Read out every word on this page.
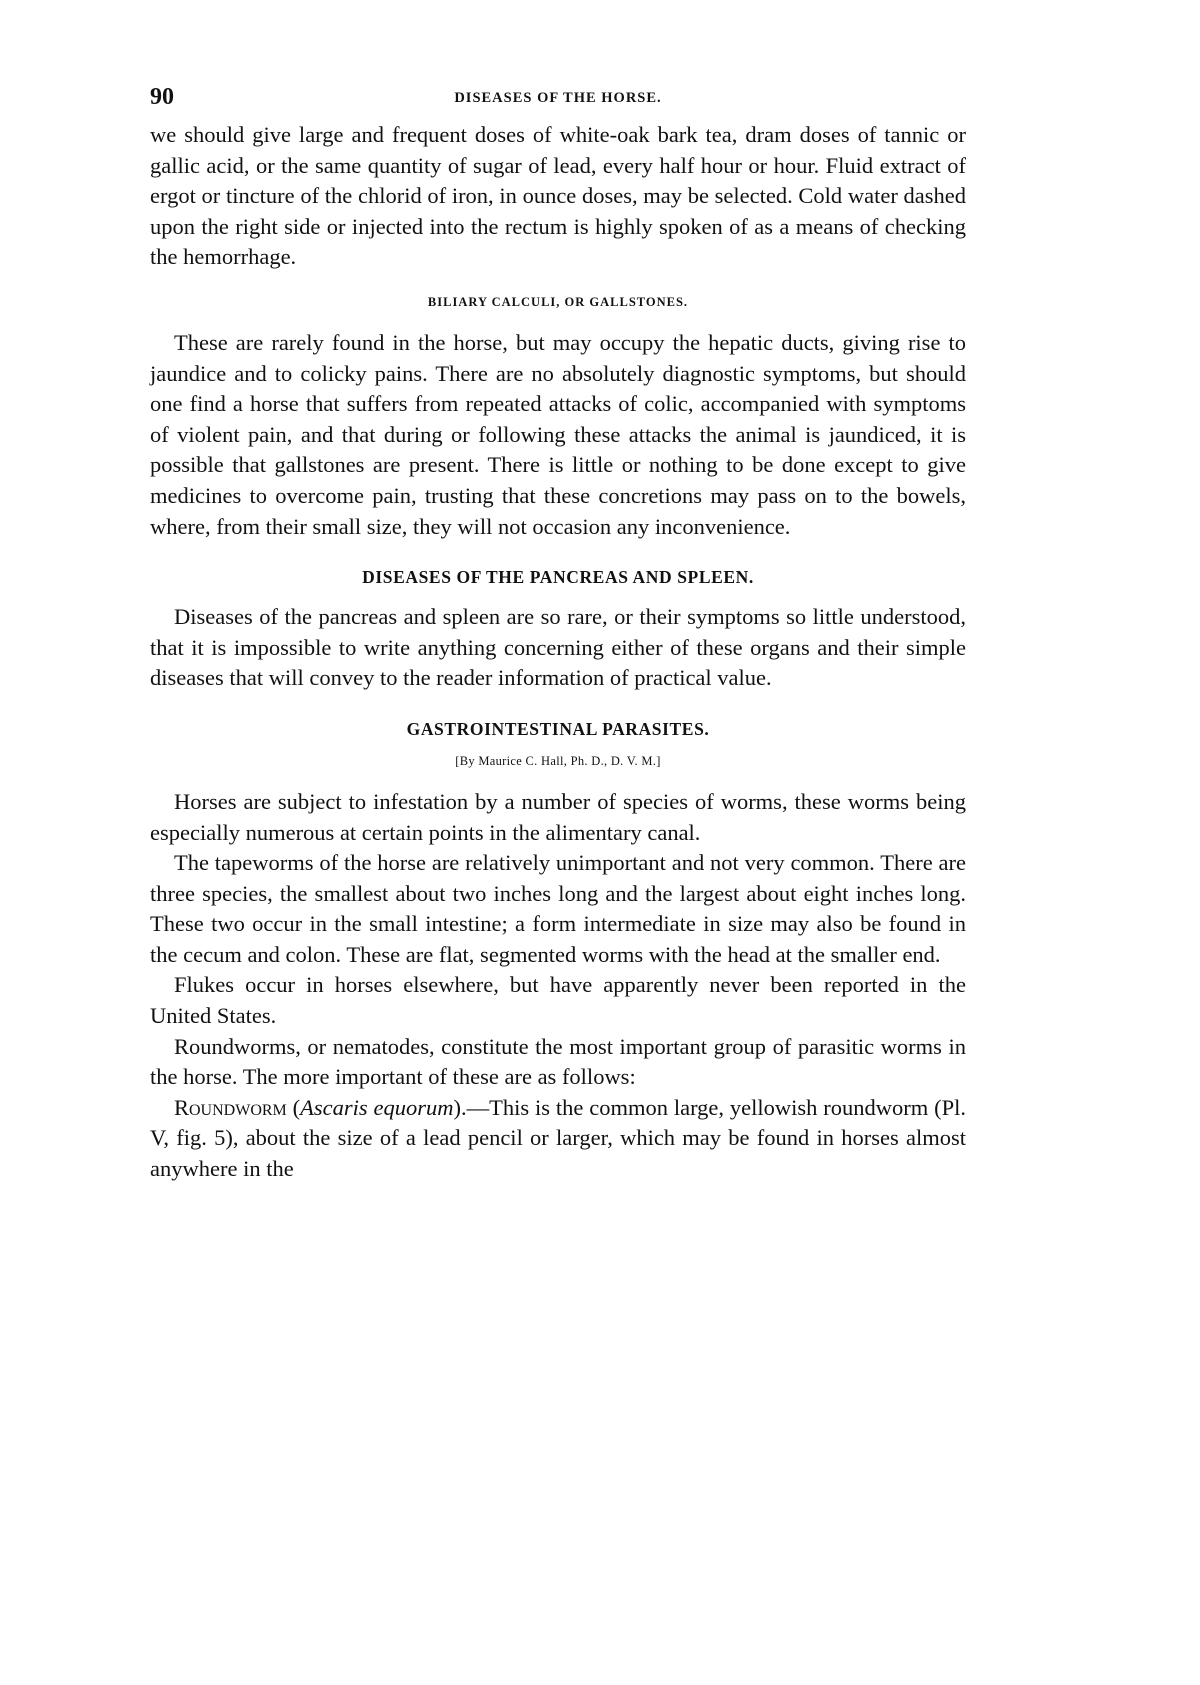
90	DISEASES OF THE HORSE.

we should give large and frequent doses of white-oak bark tea, dram doses of tannic or gallic acid, or the same quantity of sugar of lead, every half hour or hour. Fluid extract of ergot or tincture of the chlorid of iron, in ounce doses, may be selected. Cold water dashed upon the right side or injected into the rectum is highly spoken of as a means of checking the hemorrhage.

BILIARY CALCULI, OR GALLSTONES.

These are rarely found in the horse, but may occupy the hepatic ducts, giving rise to jaundice and to colicky pains. There are no absolutely diagnostic symptoms, but should one find a horse that suffers from repeated attacks of colic, accompanied with symptoms of violent pain, and that during or following these attacks the animal is jaundiced, it is possible that gallstones are present. There is little or nothing to be done except to give medicines to overcome pain, trusting that these concretions may pass on to the bowels, where, from their small size, they will not occasion any inconvenience.

DISEASES OF THE PANCREAS AND SPLEEN.

Diseases of the pancreas and spleen are so rare, or their symptoms so little understood, that it is impossible to write anything concerning either of these organs and their simple diseases that will convey to the reader information of practical value.

GASTROINTESTINAL PARASITES.
[By Maurice C. Hall, Ph. D., D. V. M.]

Horses are subject to infestation by a number of species of worms, these worms being especially numerous at certain points in the alimentary canal.

The tapeworms of the horse are relatively unimportant and not very common. There are three species, the smallest about two inches long and the largest about eight inches long. These two occur in the small intestine; a form intermediate in size may also be found in the cecum and colon. These are flat, segmented worms with the head at the smaller end.

Flukes occur in horses elsewhere, but have apparently never been reported in the United States.

Roundworms, or nematodes, constitute the most important group of parasitic worms in the horse. The more important of these are as follows:

Roundworm (Ascaris equorum).—This is the common large, yellowish roundworm (Pl. V, fig. 5), about the size of a lead pencil or larger, which may be found in horses almost anywhere in the
